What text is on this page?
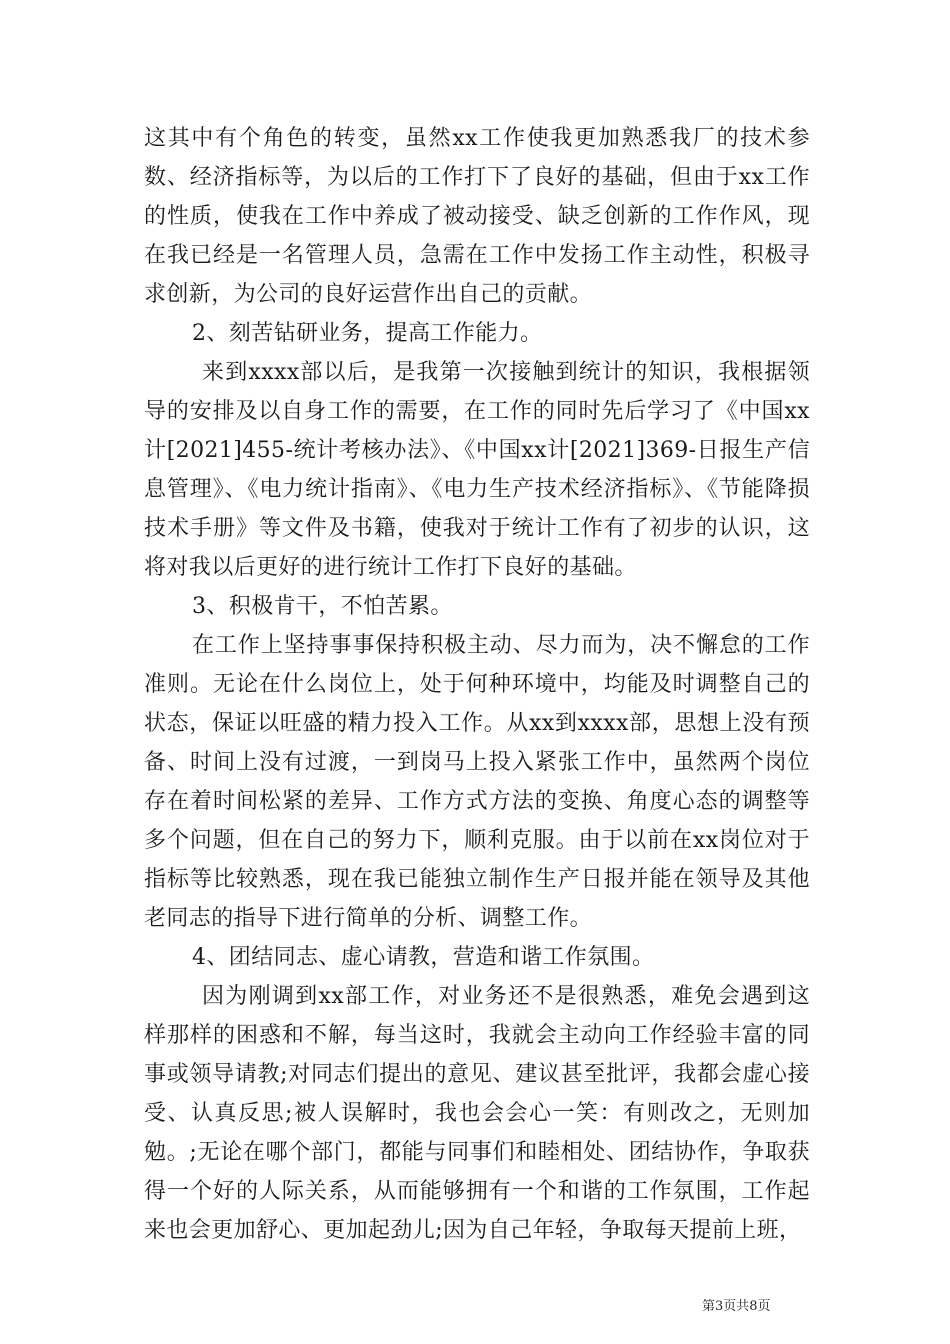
这其中有个角色的转变，虽然xx工作使我更加熟悉我厂的技术参数、经济指标等，为以后的工作打下了良好的基础，但由于xx工作的性质，使我在工作中养成了被动接受、缺乏创新的工作作风，现在我已经是一名管理人员，急需在工作中发扬工作主动性，积极寻求创新，为公司的良好运营作出自己的贡献。

2、刻苦钻研业务，提高工作能力。

来到xxxx部以后，是我第一次接触到统计的知识，我根据领导的安排及以自身工作的需要，在工作的同时先后学习了《中国xx计[2021]455-统计考核办法》、《中国xx计[2021]369-日报生产信息管理》、《电力统计指南》、《电力生产技术经济指标》、《节能降损技术手册》等文件及书籍，使我对于统计工作有了初步的认识，这将对我以后更好的进行统计工作打下良好的基础。

3、积极肯干，不怕苦累。

在工作上坚持事事保持积极主动、尽力而为，决不懈怠的工作准则。无论在什么岗位上，处于何种环境中，均能及时调整自己的状态，保证以旺盛的精力投入工作。从xx到xxxx部，思想上没有预备、时间上没有过渡，一到岗马上投入紧张工作中，虽然两个岗位存在着时间松紧的差异、工作方式方法的变换、角度心态的调整等多个问题，但在自己的努力下，顺利克服。由于以前在xx岗位对于指标等比较熟悉，现在我已能独立制作生产日报并能在领导及其他老同志的指导下进行简单的分析、调整工作。

4、团结同志、虚心请教，营造和谐工作氛围。

因为刚调到xx部工作，对业务还不是很熟悉，难免会遇到这样那样的困惑和不解，每当这时，我就会主动向工作经验丰富的同事或领导请教;对同志们提出的意见、建议甚至批评，我都会虚心接受、认真反思;被人误解时，我也会会心一笑：有则改之，无则加勉。;无论在哪个部门，都能与同事们和睦相处、团结协作，争取获得一个好的人际关系，从而能够拥有一个和谐的工作氛围，工作起来也会更加舒心、更加起劲儿;因为自己年轻，争取每天提前上班，

第3页共8页
